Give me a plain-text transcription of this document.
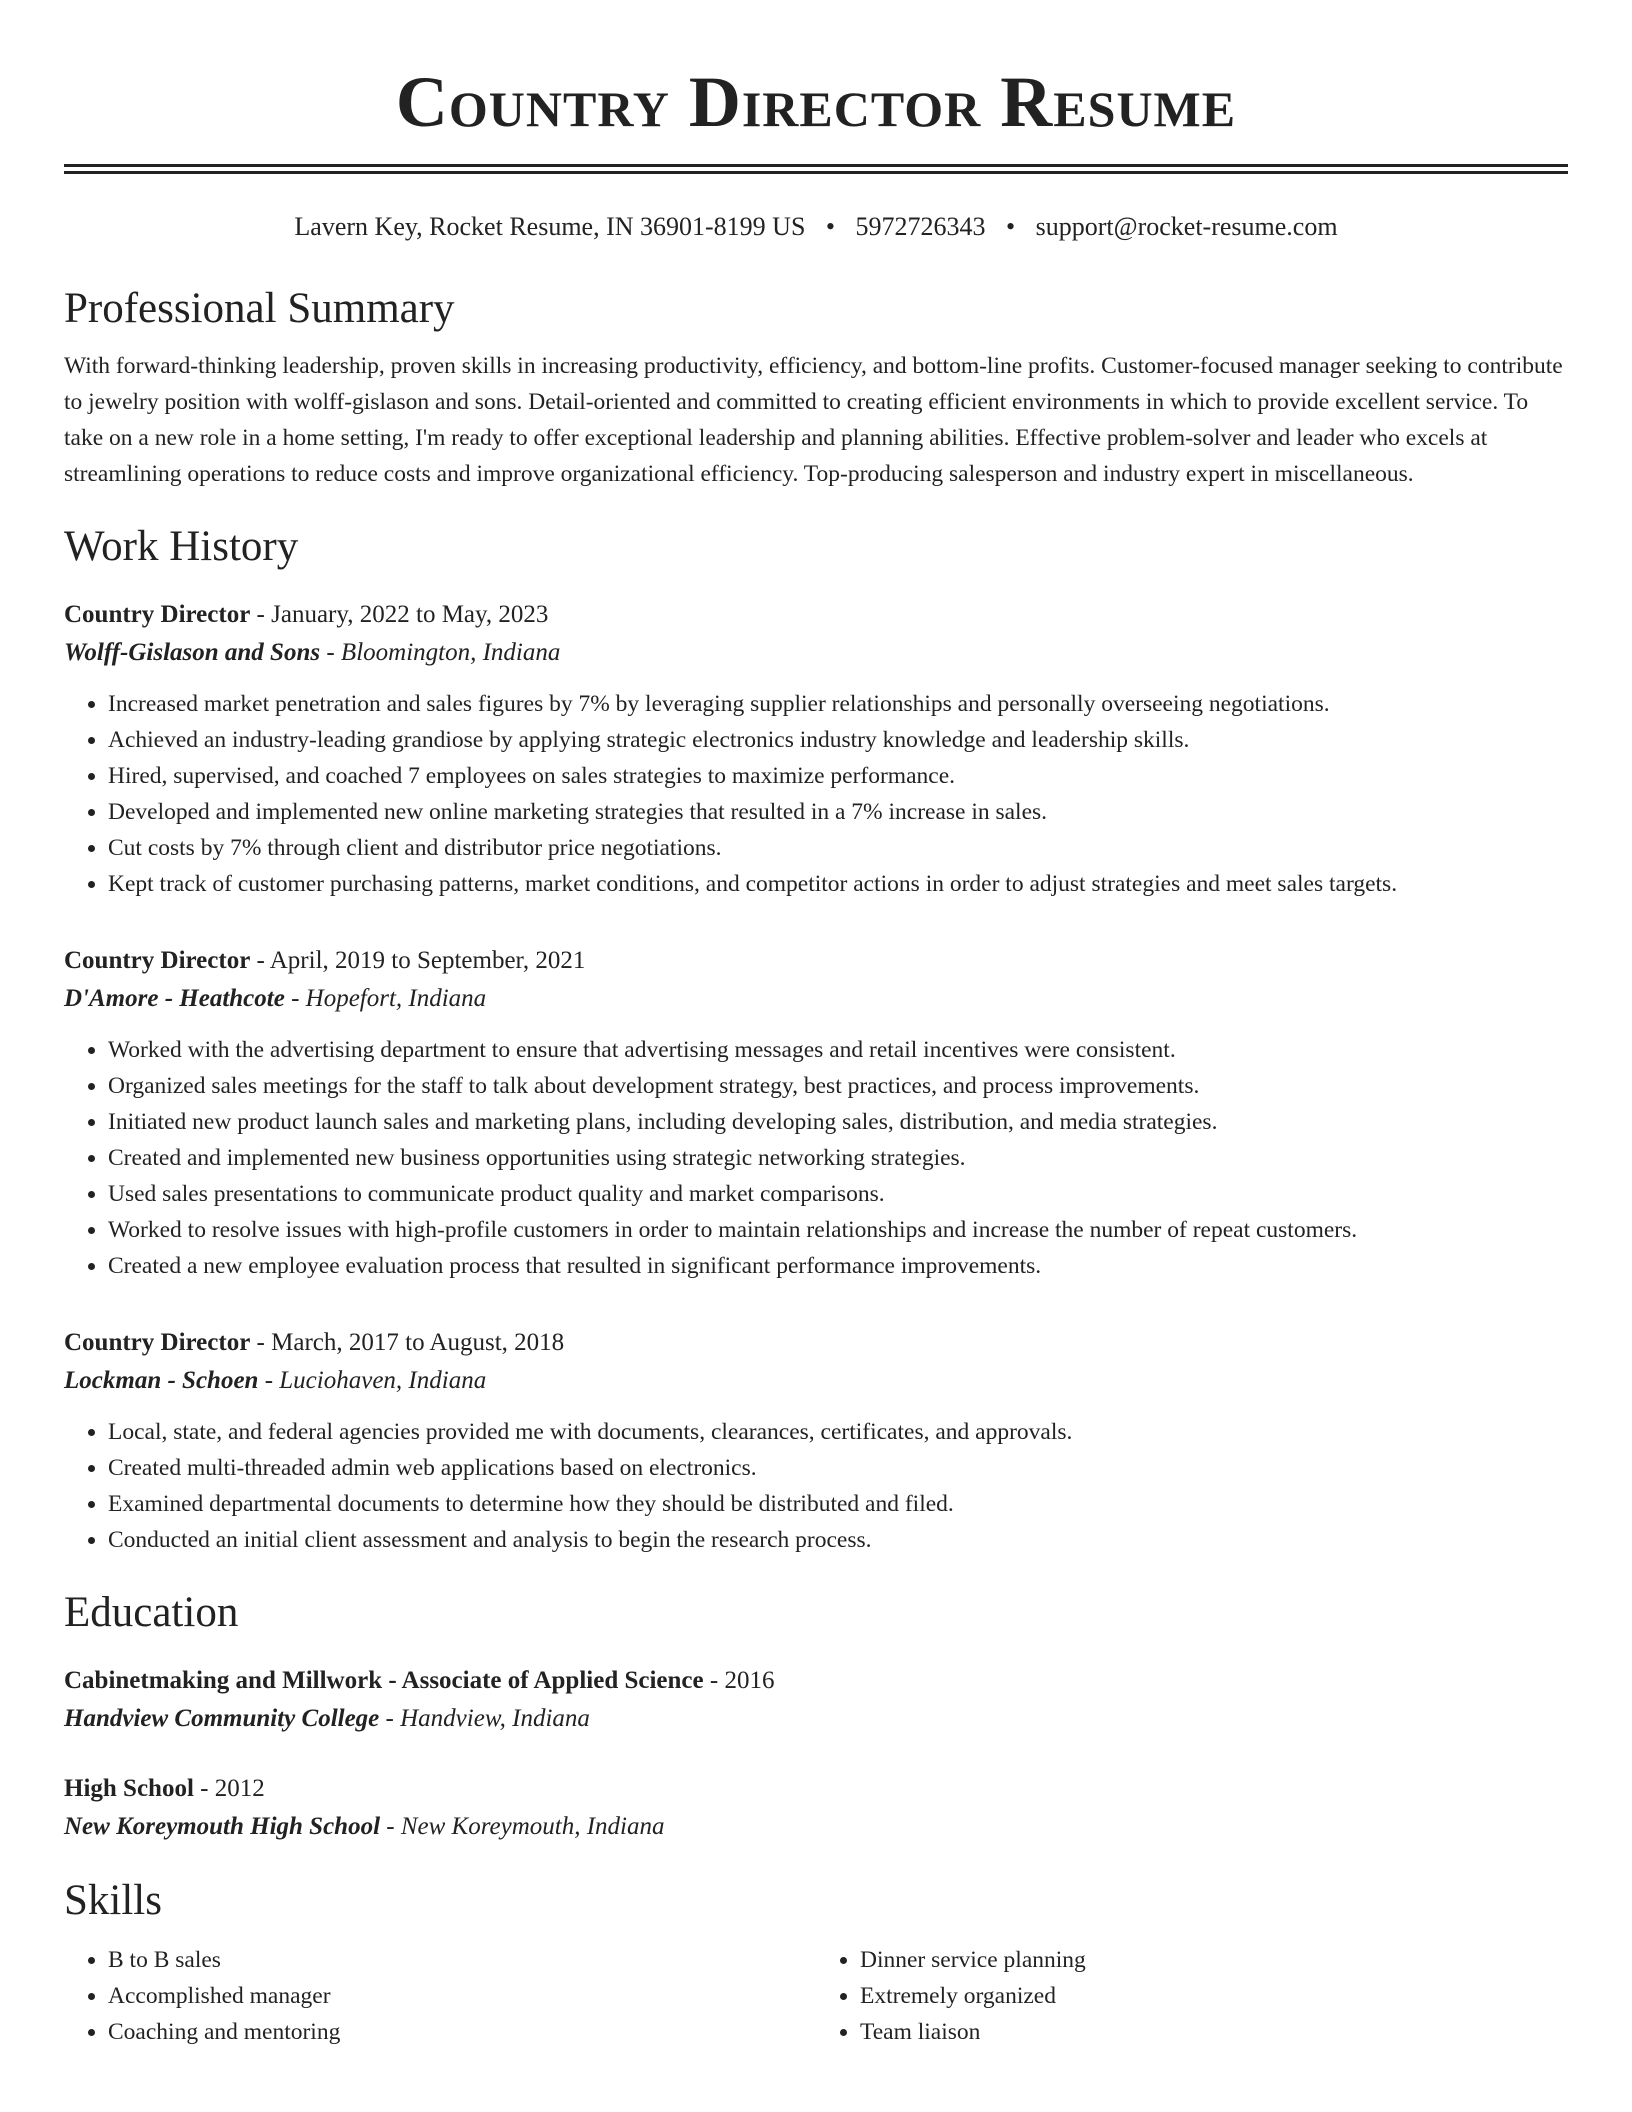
Country Director Resume
Lavern Key, Rocket Resume, IN 36901-8199 US • 5972726343 • support@rocket-resume.com
Professional Summary
With forward-thinking leadership, proven skills in increasing productivity, efficiency, and bottom-line profits. Customer-focused manager seeking to contribute to jewelry position with wolff-gislason and sons. Detail-oriented and committed to creating efficient environments in which to provide excellent service. To take on a new role in a home setting, I'm ready to offer exceptional leadership and planning abilities. Effective problem-solver and leader who excels at streamlining operations to reduce costs and improve organizational efficiency. Top-producing salesperson and industry expert in miscellaneous.
Work History
Country Director - January, 2022 to May, 2023
Wolff-Gislason and Sons - Bloomington, Indiana
• Increased market penetration and sales figures by 7% by leveraging supplier relationships and personally overseeing negotiations.
• Achieved an industry-leading grandiose by applying strategic electronics industry knowledge and leadership skills.
• Hired, supervised, and coached 7 employees on sales strategies to maximize performance.
• Developed and implemented new online marketing strategies that resulted in a 7% increase in sales.
• Cut costs by 7% through client and distributor price negotiations.
• Kept track of customer purchasing patterns, market conditions, and competitor actions in order to adjust strategies and meet sales targets.
Country Director - April, 2019 to September, 2021
D'Amore - Heathcote - Hopefort, Indiana
• Worked with the advertising department to ensure that advertising messages and retail incentives were consistent.
• Organized sales meetings for the staff to talk about development strategy, best practices, and process improvements.
• Initiated new product launch sales and marketing plans, including developing sales, distribution, and media strategies.
• Created and implemented new business opportunities using strategic networking strategies.
• Used sales presentations to communicate product quality and market comparisons.
• Worked to resolve issues with high-profile customers in order to maintain relationships and increase the number of repeat customers.
• Created a new employee evaluation process that resulted in significant performance improvements.
Country Director - March, 2017 to August, 2018
Lockman - Schoen - Luciohaven, Indiana
• Local, state, and federal agencies provided me with documents, clearances, certificates, and approvals.
• Created multi-threaded admin web applications based on electronics.
• Examined departmental documents to determine how they should be distributed and filed.
• Conducted an initial client assessment and analysis to begin the research process.
Education
Cabinetmaking and Millwork - Associate of Applied Science - 2016
Handview Community College - Handview, Indiana
High School - 2012
New Koreymouth High School - New Koreymouth, Indiana
Skills
• B to B sales
• Accomplished manager
• Coaching and mentoring
• Dinner service planning
• Extremely organized
• Team liaison
